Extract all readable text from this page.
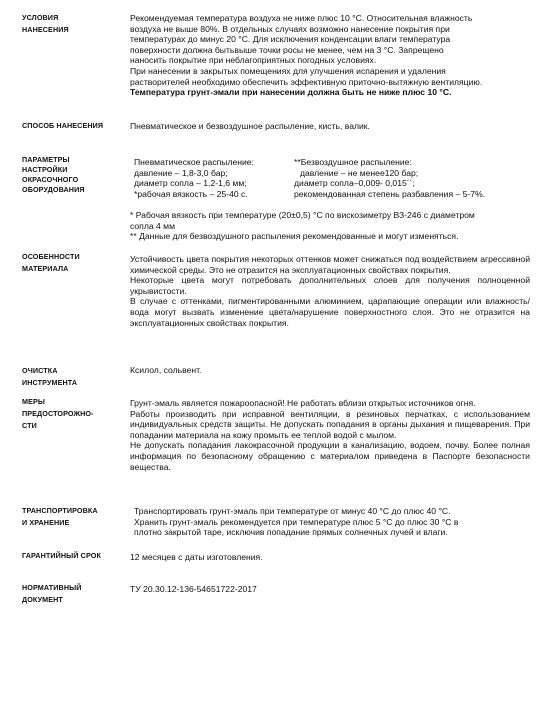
УСЛОВИЯ
НАНЕСЕНИЯ

Рекомендуемая температура воздуха не ниже плюс 10 °С. Относительная влажность

воздуха не выше 80%. В отдельных случаях возможно нанесение покрытия при

температурах до минус 20 °С. Для исключения конденсации влаги температура

поверхности должна бытьвыше точки росы не менее, чем на 3 °С. Запрещено

наносить покрытие при неблагоприятных погодных условиях.

При нанесении в закрытых помещениях для улучшения испарения и удаления

растворителей необходимо обеспечить эффективную приточно-вытяжную вентиляцию.

Температура грунт-эмали при нанесении должна быть не ниже плюс 10 °С.

СПОСОБ НАНЕСЕНИЯ	Пневматическое и безвоздушное распыление, кисть, валик.

ПАРАМЕТРЫ
НАСТРОЙКИ
ОКРАСОЧНОГО
ОБОРУДОВАНИЯ

Пневматическое распыление:

давление – 1,8-3,0 бар;

диаметр сопла – 1,2-1,6 мм;

*рабочая вязкость – 25-40 с.

**Безвоздушное распыление:

давление – не менее120 бар;

диаметр сопла–0,009- 0,015´´;

рекомендованная степень разбавления – 5-7%.

* Рабочая вязкость при температуре (20±0,5) °С по вискозиметру ВЗ-246 с диаметром

сопла 4 мм

** Данные для безвоздушного распыления рекомендованные и могут изменяться.

ОСОБЕННОСТИ
МАТЕРИАЛА

Устойчивость цвета покрытия некоторых оттенков может снижаться под воздействием агрессивной химической среды. Это не отразится на эксплуатационных свойствах покрытия.

Некоторые цвета могут потребовать дополнительных слоев для получения полноценной укрывистости.

В случае с оттенками, пигментированными алюминием, царапающие операции или влажность/вода могут вызвать изменение цвета/нарушение поверхностного слоя. Это не отразится на эксплуатационных свойствах покрытия.

ОЧИСТКА
ИНСТРУМЕНТА

Ксилол, сольвент.

МЕРЫ
ПРЕДОСТОРОЖНО-
СТИ

Грунт-эмаль является пожароопасной! Не работать вблизи открытых источников огня.

Работы производить при исправной вентиляции, в резиновых перчатках, с использованием индивидуальных средств защиты. Не допускать попадания в органы дыхания и пищеварения. При попадании материала на кожу промыть ее теплой водой с мылом.

Не допускать попадания лакокрасочной продукции в канализацию, водоем, почву. Более полная информация по безопасному обращению с материалом приведена в Паспорте безопасности вещества.

ТРАНСПОРТИРОВКА
И ХРАНЕНИЕ

Транспортировать грунт-эмаль при температуре от минус 40 °С до плюс 40 °С.

Хранить грунт-эмаль рекомендуется при температуре плюс 5 °С до плюс 30 °С в

плотно закрытой таре, исключив попадание прямых солнечных лучей и влаги.

ГАРАНТИЙНЫЙ СРОК	12 месяцев с даты изготовления.

НОРМАТИВНЫЙ
ДОКУМЕНТ

ТУ 20.30.12-136-54651722-2017
